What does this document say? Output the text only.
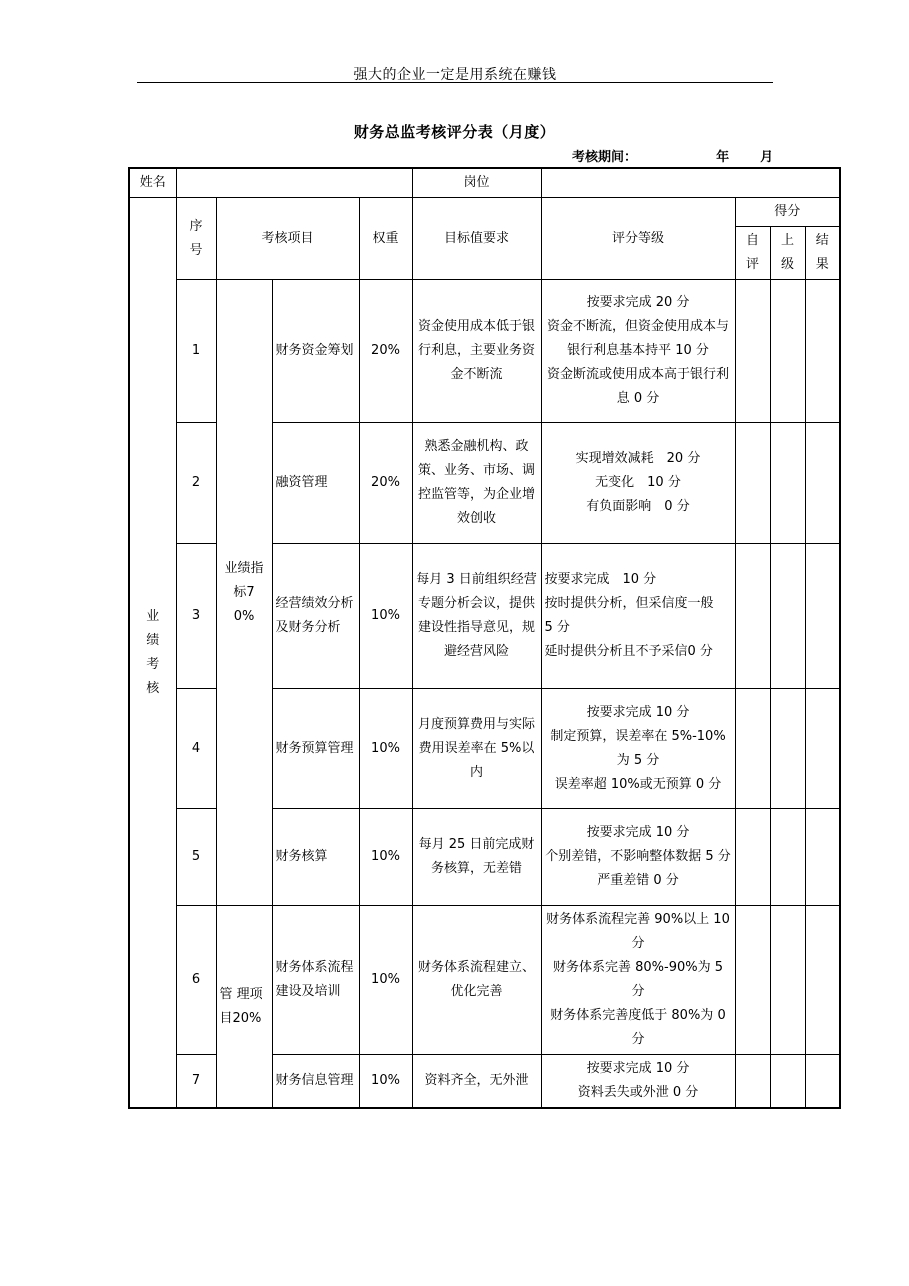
强大的企业一定是用系统在赚钱
财务总监考核评分表（月度）
考核期间：	年 月
姓名					岗位				
业绩考核	序号	考核项目		权重	目标值要求	评分等级	得分		
							自评	上级	结果
	1	业绩指标70%	财务资金筹划	20%	资金使用成本低于银行利息，主要业务资金不断流	按要求完成 20 分
资金不断流，但资金使用成本与银行利息基本持平 10 分
资金断流或使用成本高于银行利息 0 分			

	2		融资管理	20%	熟悉金融机构、政策、业务、市场、调控监管等，为企业增效创收	实现增效减耗　20 分
无变化　10 分
有负面影响　0 分			

	3		经营绩效分析及财务分析	10%	每月 3 日前组织经营专题分析会议，提供建设性指导意见，规避经营风险	按要求完成　10 分
按时提供分析，但采信度一般　 5 分
延时提供分析且不予采信0 分			

	4		财务预算管理	10%	月度预算费用与实际费用误差率在 5%以内	按要求完成 10 分
制定预算，误差率在 5%-10%为 5 分
误差率超 10%或无预算 0 分			

	5		财务核算	10%	每月 25 日前完成财务核算，无差错	按要求完成 10 分
个别差错，不影响整体数据 5 分
严重差错 0 分			

	6	管 理项目20%	财务体系流程建设及培训	10%	财务体系流程建立、优化完善	财务体系流程完善 90%以上 10 分
财务体系完善 80%-90%为 5 分
财务体系完善度低于 80%为 0 分			

	7		财务信息管理	10%	资料齐全，无外泄	按要求完成 10 分
资料丢失或外泄 0 分			
